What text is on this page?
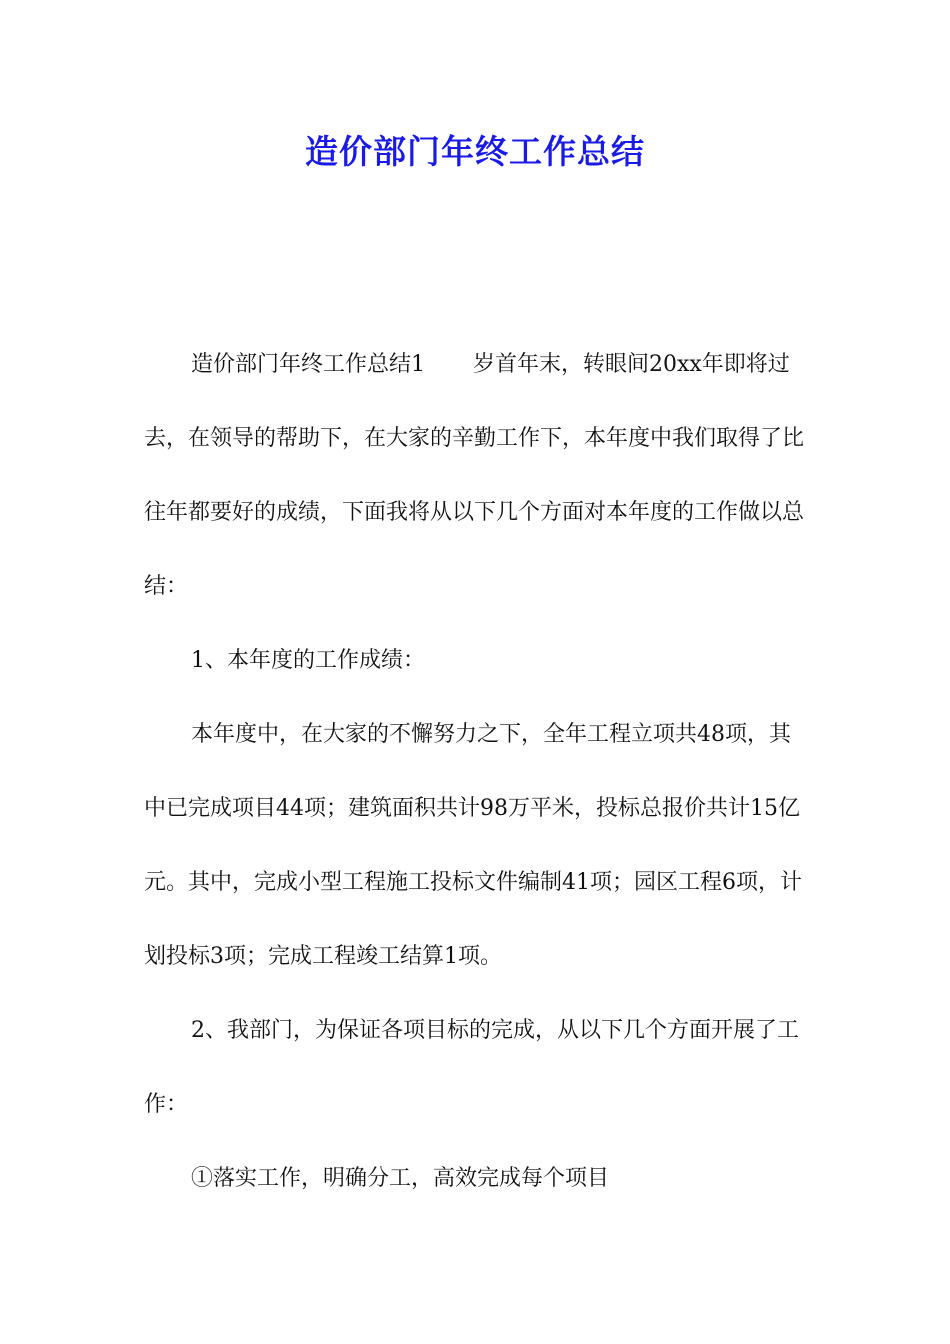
造价部门年终工作总结

造价部门年终工作总结1 岁首年末，转眼间20xx年即将过去，在领导的帮助下，在大家的辛勤工作下，本年度中我们取得了比往年都要好的成绩，下面我将从以下几个方面对本年度的工作做以总结：

1、本年度的工作成绩：

本年度中，在大家的不懈努力之下，全年工程立项共48项，其中已完成项目44项；建筑面积共计98万平米，投标总报价共计15亿元。其中，完成小型工程施工投标文件编制41项；园区工程6项，计划投标3项；完成工程竣工结算1项。

2、我部门，为保证各项目标的完成，从以下几个方面开展了工作：

①落实工作，明确分工，高效完成每个项目
